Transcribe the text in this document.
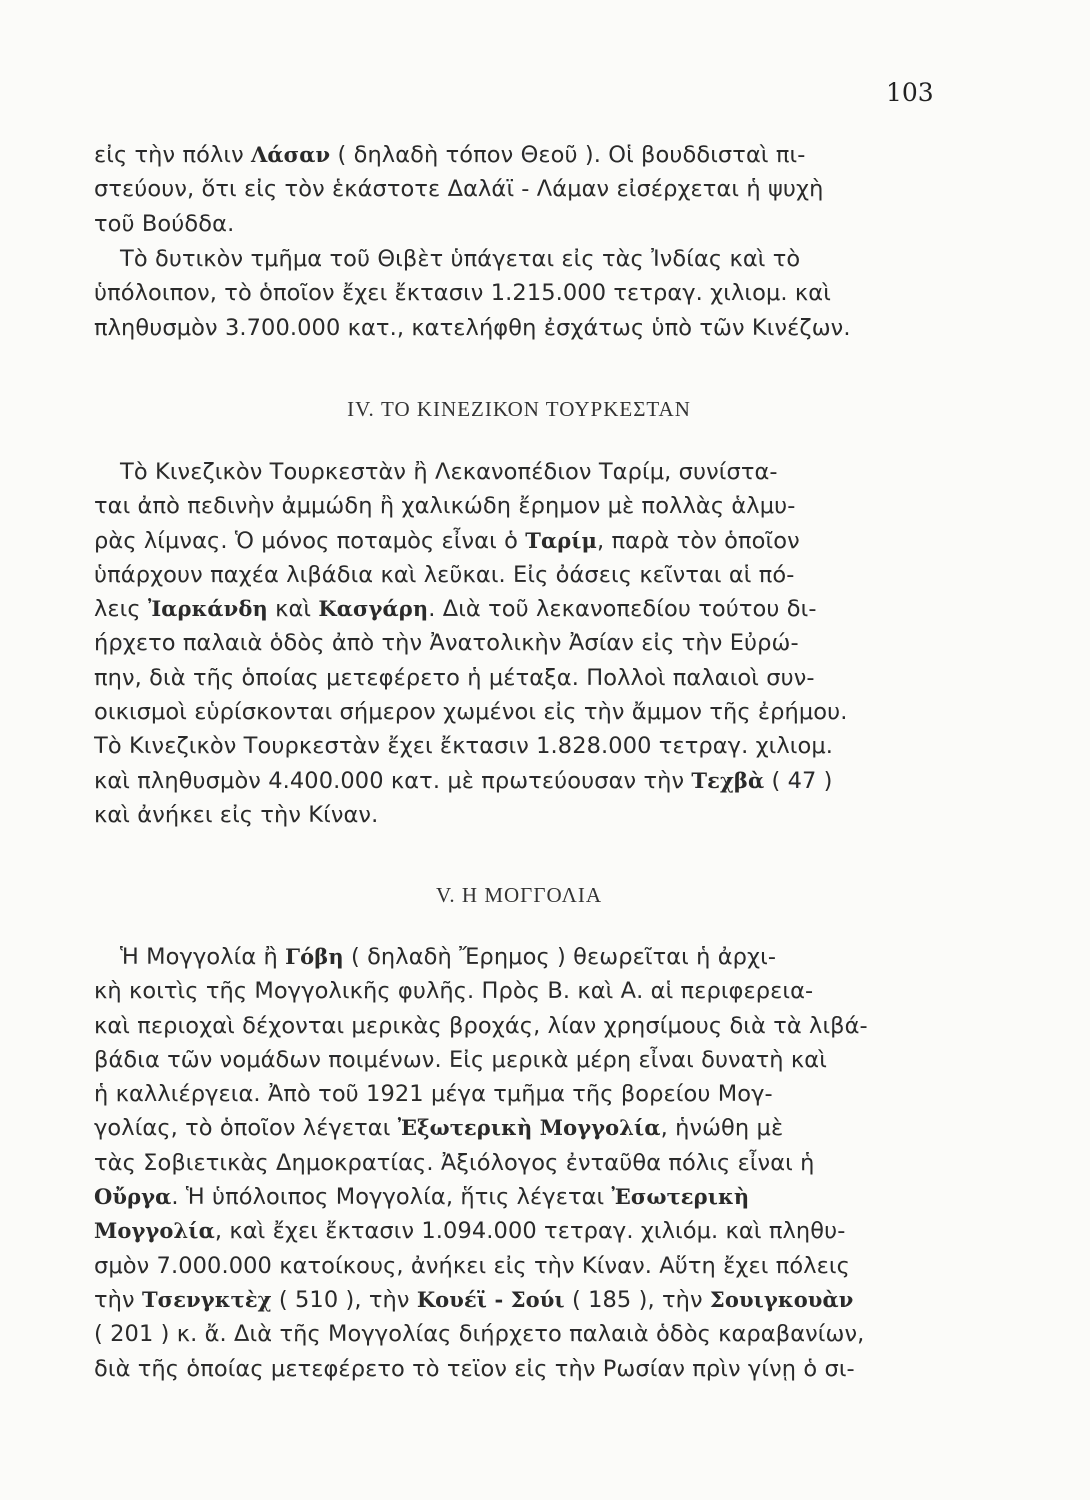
103
εἰς τὴν πόλιν Λάσαν ( δηλαδὴ τόπον Θεοῦ ). Οἱ βουδδισταὶ πι-
στεύουν, ὅτι εἰς τὸν ἑκάστοτε Δαλάϊ - Λάμαν εἰσέρχεται ἡ ψυχὴ
τοῦ Βούδδα.
Τὸ δυτικὸν τμῆμα τοῦ Θιβὲτ ὑπάγεται εἰς τὰς Ἰνδίας καὶ τὸ
ὑπόλοιπον, τὸ ὁποῖον ἔχει ἔκτασιν 1.215.000 τετραγ. χιλιομ. καὶ
πληθυσμὸν 3.700.000 κατ., κατελήφθη ἐσχάτως ὑπὸ τῶν Κινέζων.
IV. ΤΟ ΚΙΝΕΖΙΚΟΝ ΤΟΥΡΚΕΣΤΑΝ
Τὸ Κινεζικὸν Τουρκεστὰν ἢ Λεκανοπέδιον Ταρίμ, συνίστα-
ται ἀπὸ πεδινὴν ἀμμώδη ἢ χαλικώδη ἔρημον μὲ πολλὰς ἁλμυ-
ρὰς λίμνας. Ὁ μόνος ποταμὸς εἶναι ὁ Ταρίμ, παρὰ τὸν ὁποῖον
ὑπάρχουν παχέα λιβάδια καὶ λεῦκαι. Εἰς ὀάσεις κεῖνται αἱ πό-
λεις Ἰαρκάνδη καὶ Κασγάρη. Διὰ τοῦ λεκανοπεδίου τούτου δι-
ήρχετο παλαιὰ ὁδὸς ἀπὸ τὴν Ἀνατολικὴν Ἀσίαν εἰς τὴν Εὐρώ-
πην, διὰ τῆς ὁποίας μετεφέρετο ἡ μέταξα. Πολλοὶ παλαιοὶ συν-
οικισμοὶ εὑρίσκονται σήμερον χωμένοι εἰς τὴν ἄμμον τῆς ἐρήμου.
Τὸ Κινεζικὸν Τουρκεστὰν ἔχει ἔκτασιν 1.828.000 τετραγ. χιλιομ.
καὶ πληθυσμὸν 4.400.000 κατ. μὲ πρωτεύουσαν τὴν Τεχβὰ ( 47 )
καὶ ἀνήκει εἰς τὴν Κίναν.
V. Η ΜΟΓΓΟΛΙΑ
Ἡ Μογγολία ἢ Γόβη ( δηλαδὴ Ἔρημος ) θεωρεῖται ἡ ἀρχι-
κὴ κοιτὶς τῆς Μογγολικῆς φυλῆς. Πρὸς Β. καὶ Α. αἱ περιφερεια-
καὶ περιοχαὶ δέχονται μερικὰς βροχάς, λίαν χρησίμους διὰ τὰ λιβά-
βάδια τῶν νομάδων ποιμένων. Εἰς μερικὰ μέρη εἶναι δυνατὴ καὶ
ἡ καλλιέργεια. Ἀπὸ τοῦ 1921 μέγα τμῆμα τῆς βορείου Μογ-
γολίας, τὸ ὁποῖον λέγεται Ἐξωτερικὴ Μογγολία, ἡνώθη μὲ
τὰς Σοβιετικὰς Δημοκρατίας. Ἀξιόλογος ἐνταῦθα πόλις εἶναι ἡ
Οὔργα. Ἡ ὑπόλοιπος Μογγολία, ἥτις λέγεται Ἐσωτερικὴ
Μογγολία, καὶ ἔχει ἔκτασιν 1.094.000 τετραγ. χιλιόμ. καὶ πληθυ-
σμὸν 7.000.000 κατοίκους, ἀνήκει εἰς τὴν Κίναν. Αὕτη ἔχει πόλεις
τὴν Τσενγκτὲχ ( 510 ), τὴν Κουέϊ - Σούι ( 185 ), τὴν Σουιγκουὰν
( 201 ) κ. ἄ. Διὰ τῆς Μογγολίας διήρχετο παλαιὰ ὁδὸς καραβανίων,
διὰ τῆς ὁποίας μετεφέρετο τὸ τεϊον εἰς τὴν Ρωσίαν πρὶν γίνῃ ὁ σι-
